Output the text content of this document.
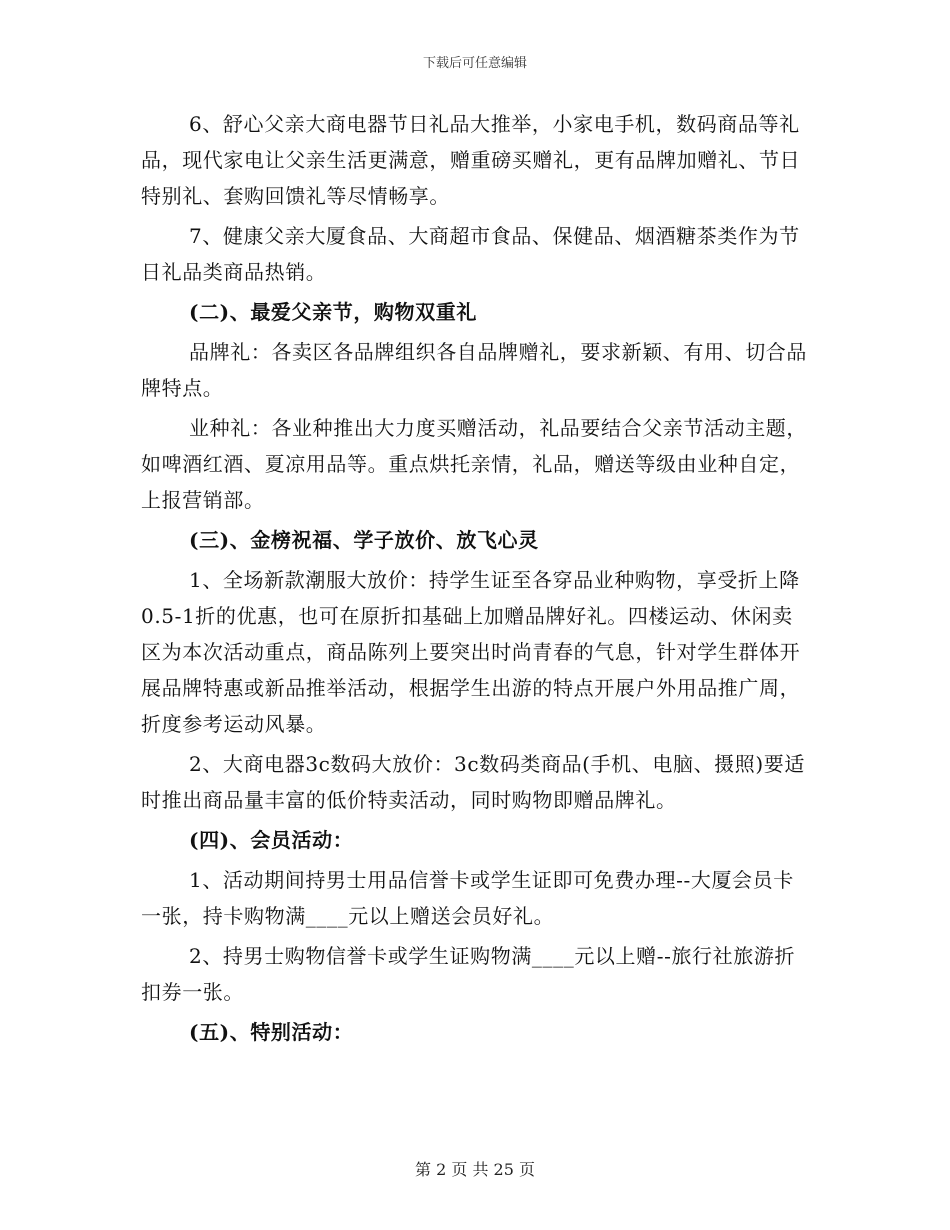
下载后可任意编辑

6、舒心父亲大商电器节日礼品大推举，小家电手机，数码商品等礼品，现代家电让父亲生活更满意，赠重磅买赠礼，更有品牌加赠礼、节日特别礼、套购回馈礼等尽情畅享。

7、健康父亲大厦食品、大商超市食品、保健品、烟酒糖茶类作为节日礼品类商品热销。

(二)、最爱父亲节，购物双重礼

品牌礼：各卖区各品牌组织各自品牌赠礼，要求新颖、有用、切合品牌特点。

业种礼：各业种推出大力度买赠活动，礼品要结合父亲节活动主题，如啤酒红酒、夏凉用品等。重点烘托亲情，礼品，赠送等级由业种自定，上报营销部。

(三)、金榜祝福、学子放价、放飞心灵

1、全场新款潮服大放价：持学生证至各穿品业种购物，享受折上降0.5-1折的优惠，也可在原折扣基础上加赠品牌好礼。四楼运动、休闲卖区为本次活动重点，商品陈列上要突出时尚青春的气息，针对学生群体开展品牌特惠或新品推举活动，根据学生出游的特点开展户外用品推广周，折度参考运动风暴。

2、大商电器3c数码大放价：3c数码类商品(手机、电脑、摄照)要适时推出商品量丰富的低价特卖活动，同时购物即赠品牌礼。

(四)、会员活动：

1、活动期间持男士用品信誉卡或学生证即可免费办理--大厦会员卡一张，持卡购物满____元以上赠送会员好礼。

2、持男士购物信誉卡或学生证购物满____元以上赠--旅行社旅游折扣券一张。

(五)、特别活动：

第 2 页 共 25 页
